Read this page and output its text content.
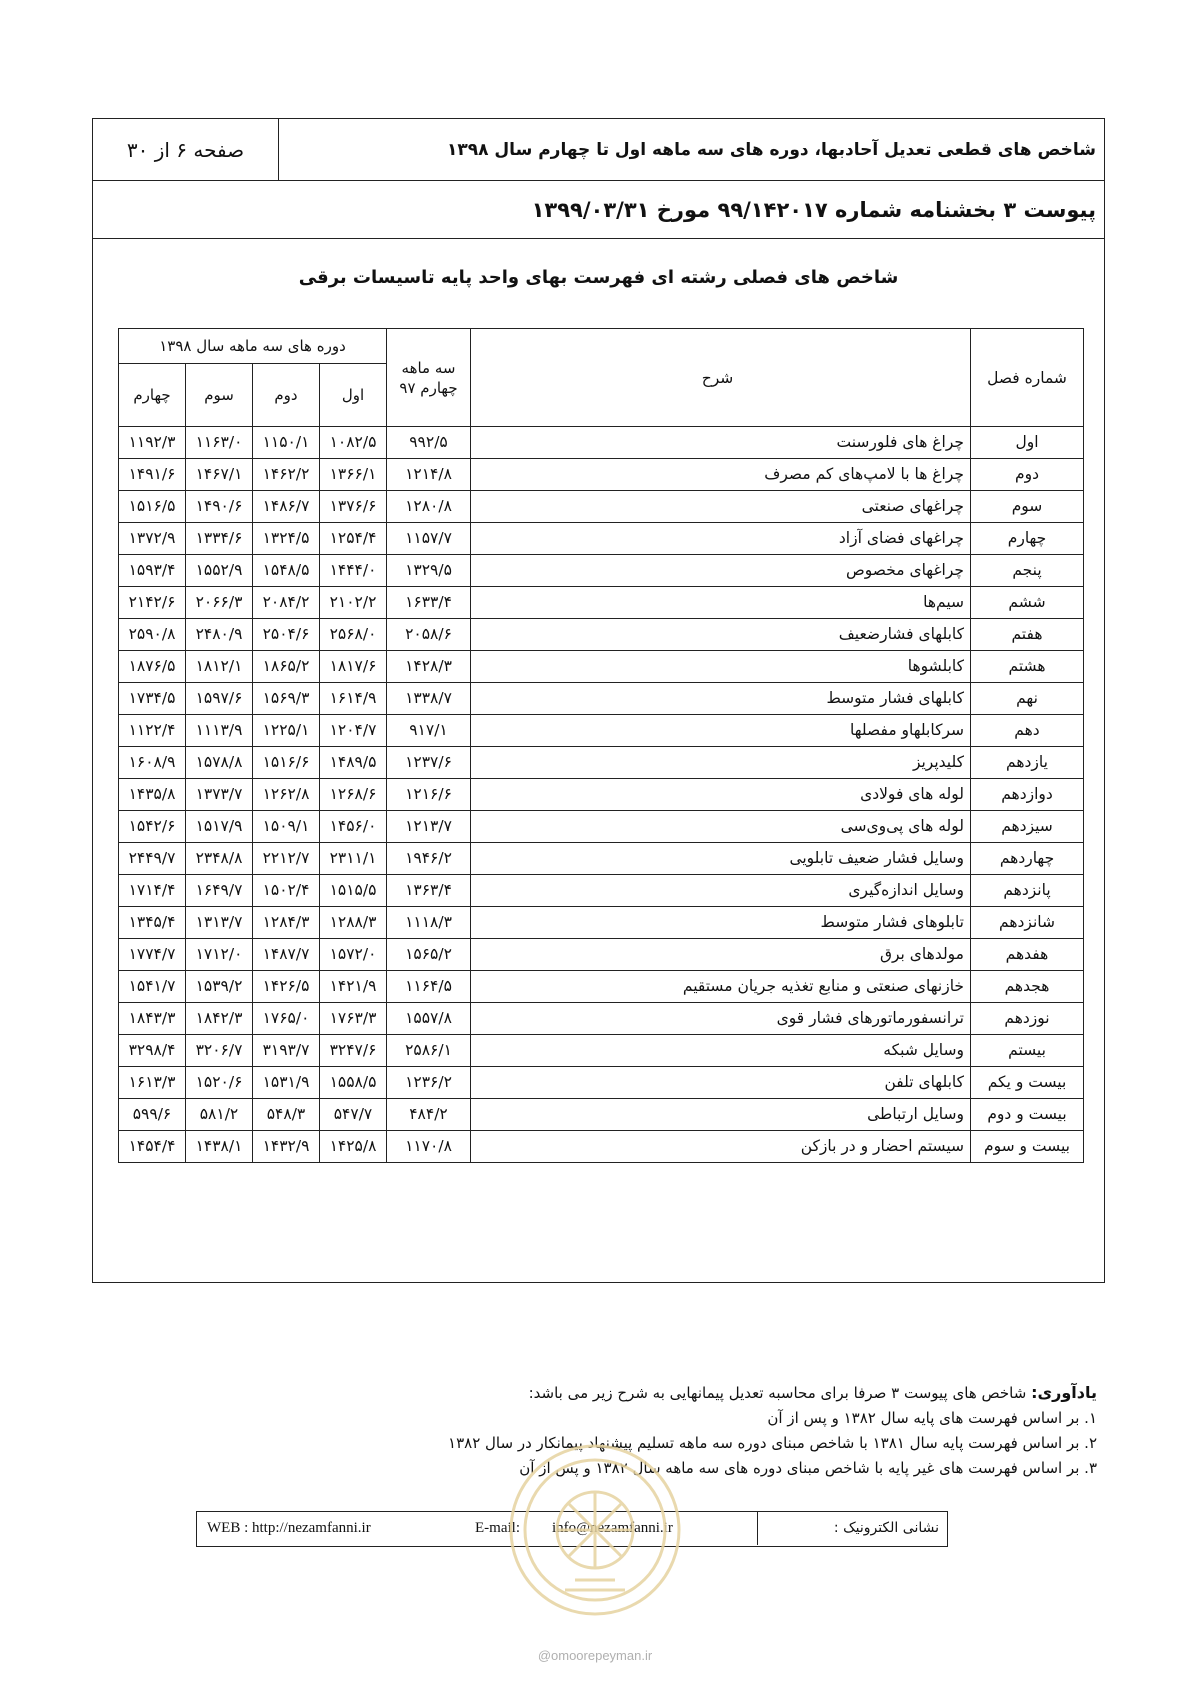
صفحه ۶ از ۳۰	شاخص های قطعی تعدیل آحادبها، دوره های سه ماهه اول تا چهارم سال ۱۳۹۸
پیوست ۳ بخشنامه شماره ۹۹/۱۴۲۰۱۷ مورخ ۱۳۹۹/۰۳/۳۱
شاخص های فصلی رشته ای فهرست بهای واحد پایه تاسیسات برقی
شماره فصل	شرح	سه ماهه چهارم ۹۷	دوره های سه ماهه سال ۱۳۹۸			
			اول	دوم	سوم	چهارم
اول	چراغ های فلورسنت	۹۹۲/۵	۱۰۸۲/۵	۱۱۵۰/۱	۱۱۶۳/۰	۱۱۹۲/۳
دوم	چراغ ها با لامپ‌های کم مصرف	۱۲۱۴/۸	۱۳۶۶/۱	۱۴۶۲/۲	۱۴۶۷/۱	۱۴۹۱/۶
سوم	چراغهای صنعتی	۱۲۸۰/۸	۱۳۷۶/۶	۱۴۸۶/۷	۱۴۹۰/۶	۱۵۱۶/۵
چهارم	چراغهای فضای آزاد	۱۱۵۷/۷	۱۲۵۴/۴	۱۳۲۴/۵	۱۳۳۴/۶	۱۳۷۲/۹
پنجم	چراغهای مخصوص	۱۳۲۹/۵	۱۴۴۴/۰	۱۵۴۸/۵	۱۵۵۲/۹	۱۵۹۳/۴
ششم	سیم‌ها	۱۶۳۳/۴	۲۱۰۲/۲	۲۰۸۴/۲	۲۰۶۶/۳	۲۱۴۲/۶
هفتم	کابلهای فشارضعیف	۲۰۵۸/۶	۲۵۶۸/۰	۲۵۰۴/۶	۲۴۸۰/۹	۲۵۹۰/۸
هشتم	کابلشوها	۱۴۲۸/۳	۱۸۱۷/۶	۱۸۶۵/۲	۱۸۱۲/۱	۱۸۷۶/۵
نهم	کابلهای فشار متوسط	۱۳۳۸/۷	۱۶۱۴/۹	۱۵۶۹/۳	۱۵۹۷/۶	۱۷۳۴/۵
دهم	سرکابلهاو مفصلها	۹۱۷/۱	۱۲۰۴/۷	۱۲۲۵/۱	۱۱۱۳/۹	۱۱۲۲/۴
یازدهم	کلیدپریز	۱۲۳۷/۶	۱۴۸۹/۵	۱۵۱۶/۶	۱۵۷۸/۸	۱۶۰۸/۹
دوازدهم	لوله های فولادی	۱۲۱۶/۶	۱۲۶۸/۶	۱۲۶۲/۸	۱۳۷۳/۷	۱۴۳۵/۸
سیزدهم	لوله های پی‌وی‌سی	۱۲۱۳/۷	۱۴۵۶/۰	۱۵۰۹/۱	۱۵۱۷/۹	۱۵۴۲/۶
چهاردهم	وسایل فشار ضعیف تابلویی	۱۹۴۶/۲	۲۳۱۱/۱	۲۲۱۲/۷	۲۳۴۸/۸	۲۴۴۹/۷
پانزدهم	وسایل اندازه‌گیری	۱۳۶۳/۴	۱۵۱۵/۵	۱۵۰۲/۴	۱۶۴۹/۷	۱۷۱۴/۴
شانزدهم	تابلوهای فشار متوسط	۱۱۱۸/۳	۱۲۸۸/۳	۱۲۸۴/۳	۱۳۱۳/۷	۱۳۴۵/۴
هفدهم	مولدهای برق	۱۵۶۵/۲	۱۵۷۲/۰	۱۴۸۷/۷	۱۷۱۲/۰	۱۷۷۴/۷
هجدهم	خازنهای صنعتی و منابع تغذیه جریان مستقیم	۱۱۶۴/۵	۱۴۲۱/۹	۱۴۲۶/۵	۱۵۳۹/۲	۱۵۴۱/۷
نوزدهم	ترانسفورماتورهای فشار قوی	۱۵۵۷/۸	۱۷۶۳/۳	۱۷۶۵/۰	۱۸۴۲/۳	۱۸۴۳/۳
بیستم	وسایل شبکه	۲۵۸۶/۱	۳۲۴۷/۶	۳۱۹۳/۷	۳۲۰۶/۷	۳۲۹۸/۴
بیست و یکم	کابلهای تلفن	۱۲۳۶/۲	۱۵۵۸/۵	۱۵۳۱/۹	۱۵۲۰/۶	۱۶۱۳/۳
بیست و دوم	وسایل ارتباطی	۴۸۴/۲	۵۴۷/۷	۵۴۸/۳	۵۸۱/۲	۵۹۹/۶
بیست و سوم	سیستم احضار و در بازکن	۱۱۷۰/۸	۱۴۲۵/۸	۱۴۳۲/۹	۱۴۳۸/۱	۱۴۵۴/۴
یادآوری: شاخص های پیوست ۳ صرفا برای محاسبه تعدیل پیمانهایی به شرح زیر می باشد:
۱. بر اساس فهرست های پایه سال ۱۳۸۲ و پس از آن
۲. بر اساس فهرست پایه سال ۱۳۸۱ با شاخص مبنای دوره سه ماهه تسلیم پیشنهاد پیمانکار در سال ۱۳۸۲
۳. بر اساس فهرست های غیر پایه با شاخص مبنای دوره های سه ماهه سال ۱۳۸۲ و پس از آن
WEB : http://nezamfanni.ir	E-mail: info@nezamfanni.ir	نشانی الکترونیک :
@omoorepeyman.ir
